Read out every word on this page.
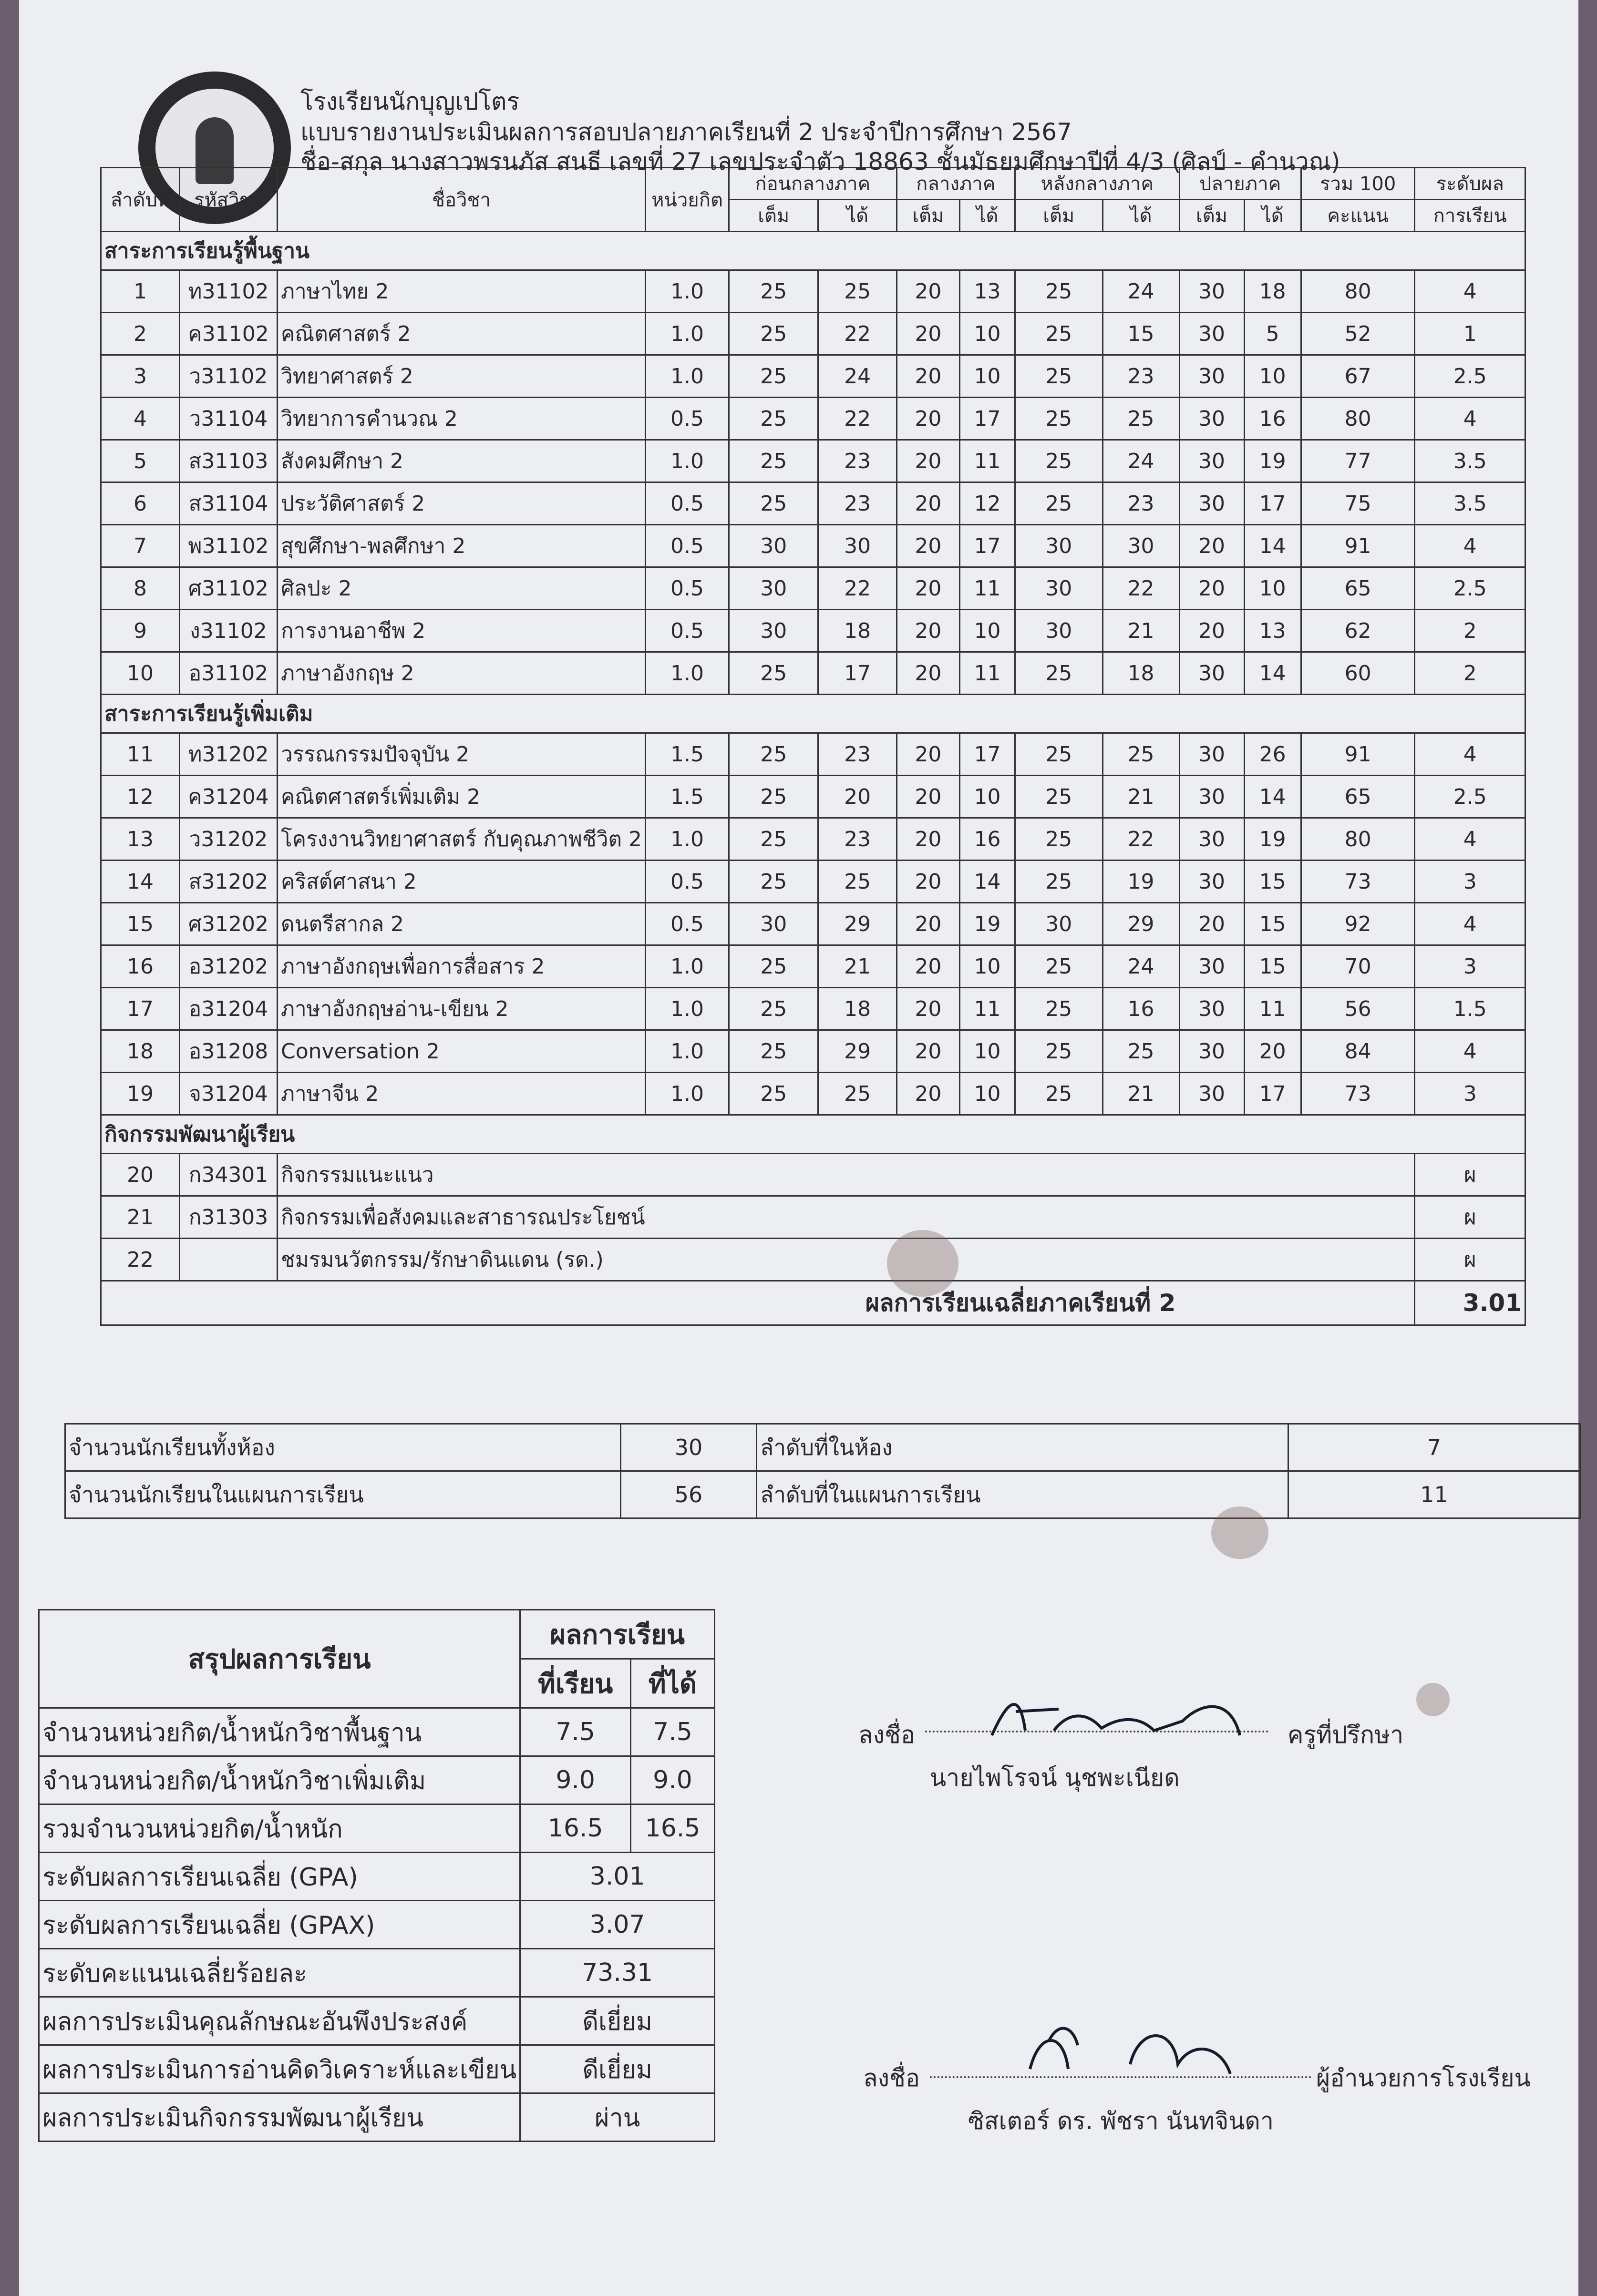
โรงเรียนนักบุญเปโตร
แบบรายงานประเมินผลการสอบปลายภาคเรียนที่ 2 ประจำปีการศึกษา 2567
ชื่อ-สกุล นางสาวพรนภัส สนธี เลขที่ 27 เลขประจำตัว 18863 ชั้นมัธยมศึกษาปีที่ 4/3 (ศิลป์ - คำนวณ)
ลำดับที่	รหัสวิชา	ชื่อวิชา	หน่วยกิต	ก่อนกลางภาค		กลางภาค		หลังกลางภาค		ปลายภาค		รวม 100	ระดับผล
				เต็ม	ได้	เต็ม	ได้	เต็ม	ได้	เต็ม	ได้	คะแนน	การเรียน
สาระการเรียนรู้พื้นฐาน													
1	ท31102	ภาษาไทย 2	1.0	25	25	20	13	25	24	30	18	80	4
2	ค31102	คณิตศาสตร์ 2	1.0	25	22	20	10	25	15	30	5	52	1
3	ว31102	วิทยาศาสตร์ 2	1.0	25	24	20	10	25	23	30	10	67	2.5
4	ว31104	วิทยาการคำนวณ 2	0.5	25	22	20	17	25	25	30	16	80	4
5	ส31103	สังคมศึกษา 2	1.0	25	23	20	11	25	24	30	19	77	3.5
6	ส31104	ประวัติศาสตร์ 2	0.5	25	23	20	12	25	23	30	17	75	3.5
7	พ31102	สุขศึกษา-พลศึกษา 2	0.5	30	30	20	17	30	30	20	14	91	4
8	ศ31102	ศิลปะ 2	0.5	30	22	20	11	30	22	20	10	65	2.5
9	ง31102	การงานอาชีพ 2	0.5	30	18	20	10	30	21	20	13	62	2
10	อ31102	ภาษาอังกฤษ 2	1.0	25	17	20	11	25	18	30	14	60	2
สาระการเรียนรู้เพิ่มเติม													
11	ท31202	วรรณกรรมปัจจุบัน 2	1.5	25	23	20	17	25	25	30	26	91	4
12	ค31204	คณิตศาสตร์เพิ่มเติม 2	1.5	25	20	20	10	25	21	30	14	65	2.5
13	ว31202	โครงงานวิทยาศาสตร์ กับคุณภาพชีวิต 2	1.0	25	23	20	16	25	22	30	19	80	4
14	ส31202	คริสต์ศาสนา 2	0.5	25	25	20	14	25	19	30	15	73	3
15	ศ31202	ดนตรีสากล 2	0.5	30	29	20	19	30	29	20	15	92	4
16	อ31202	ภาษาอังกฤษเพื่อการสื่อสาร 2	1.0	25	21	20	10	25	24	30	15	70	3
17	อ31204	ภาษาอังกฤษอ่าน-เขียน 2	1.0	25	18	20	11	25	16	30	11	56	1.5
18	อ31208	Conversation 2	1.0	25	29	20	10	25	25	30	20	84	4
19	จ31204	ภาษาจีน 2	1.0	25	25	20	10	25	21	30	17	73	3
กิจกรรมพัฒนาผู้เรียน													
20	ก34301	กิจกรรมแนะแนว											ผ
21	ก31303	กิจกรรมเพื่อสังคมและสาธารณประโยชน์											ผ
22		ชมรมนวัตกรรม/รักษาดินแดน (รด.)											ผ
ผลการเรียนเฉลี่ยภาคเรียนที่ 2													3.01
จำนวนนักเรียนทั้งห้อง	30	ลำดับที่ในห้อง	7
จำนวนนักเรียนในแผนการเรียน	56	ลำดับที่ในแผนการเรียน	11
สรุปผลการเรียน	ผลการเรียน	
	ที่เรียน	ที่ได้
จำนวนหน่วยกิต/น้ำหนักวิชาพื้นฐาน	7.5	7.5
จำนวนหน่วยกิต/น้ำหนักวิชาเพิ่มเติม	9.0	9.0
รวมจำนวนหน่วยกิต/น้ำหนัก	16.5	16.5
ระดับผลการเรียนเฉลี่ย (GPA)	3.01	
ระดับผลการเรียนเฉลี่ย (GPAX)	3.07	
ระดับคะแนนเฉลี่ยร้อยละ	73.31	
ผลการประเมินคุณลักษณะอันพึงประสงค์	ดีเยี่ยม	
ผลการประเมินการอ่านคิดวิเคราะห์และเขียน	ดีเยี่ยม	
ผลการประเมินกิจกรรมพัฒนาผู้เรียน	ผ่าน	
ลงชื่อ	ครูที่ปรึกษา
นายไพโรจน์ นุชพะเนียด
ลงชื่อ	ผู้อำนวยการโรงเรียน
ซิสเตอร์ ดร. พัชรา นันทจินดา
